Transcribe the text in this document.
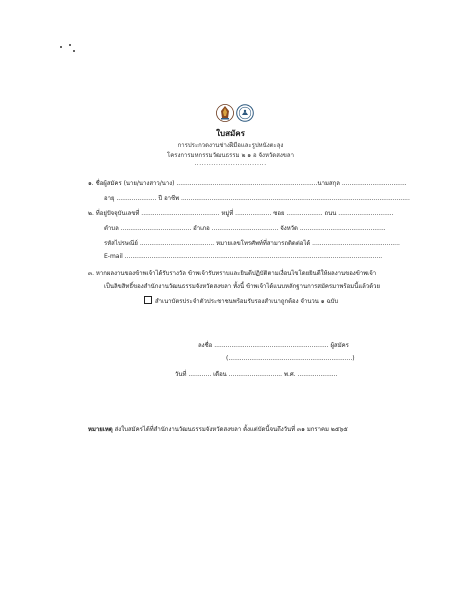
ใบสมัคร
การประกวดงานช่างฝีมือและรูปหนังตะลุง
โครงการมหกรรมวัฒนธรรม ๒ ๑ อ จังหวัดสงขลา
..............................
๑. ชื่อผู้สมัคร (นาย/นางสาว/นาง) ..........................................................................นามสกุล ..................................
อายุ ..................... ปี อาชีพ ........................................................................................................................
๒. ที่อยู่ปัจจุบันเลขที่ ......................................... หมู่ที่ ................... ซอย ................... ถนน .............................
ตำบล ..................................... อำเภอ ................................... จังหวัด .............................................
รหัสไปรษณีย์ ....................................... หมายเลขโทรศัพท์ที่สามารถติดต่อได้ ..............................................
E-mail .......................................................................................................................................
๓. หากผลงานของข้าพเจ้าได้รับรางวัล ข้าพเจ้ารับทราบและยินดีปฏิบัติตามเงื่อนไขโดยยินดีให้ผลงานของข้าพเจ้า
เป็นลิขสิทธิ์ของสำนักงานวัฒนธรรมจังหวัดสงขลา ทั้งนี้ ข้าพเจ้าได้แนบหลักฐานการสมัครมาพร้อมนี้แล้วด้วย
สำเนาบัตรประจำตัวประชาชนพร้อมรับรองสำเนาถูกต้อง จำนวน ๑ ฉบับ
ลงชื่อ ............................................................ ผู้สมัคร
(.................................................................)
วันที่ ............ เดือน ............................ พ.ศ. .....................
หมายเหตุ ส่งใบสมัครได้ที่สำนักงานวัฒนธรรมจังหวัดสงขลา ตั้งแต่บัดนี้จนถึงวันที่ ๓๑ มกราคม ๒๕๖๕
